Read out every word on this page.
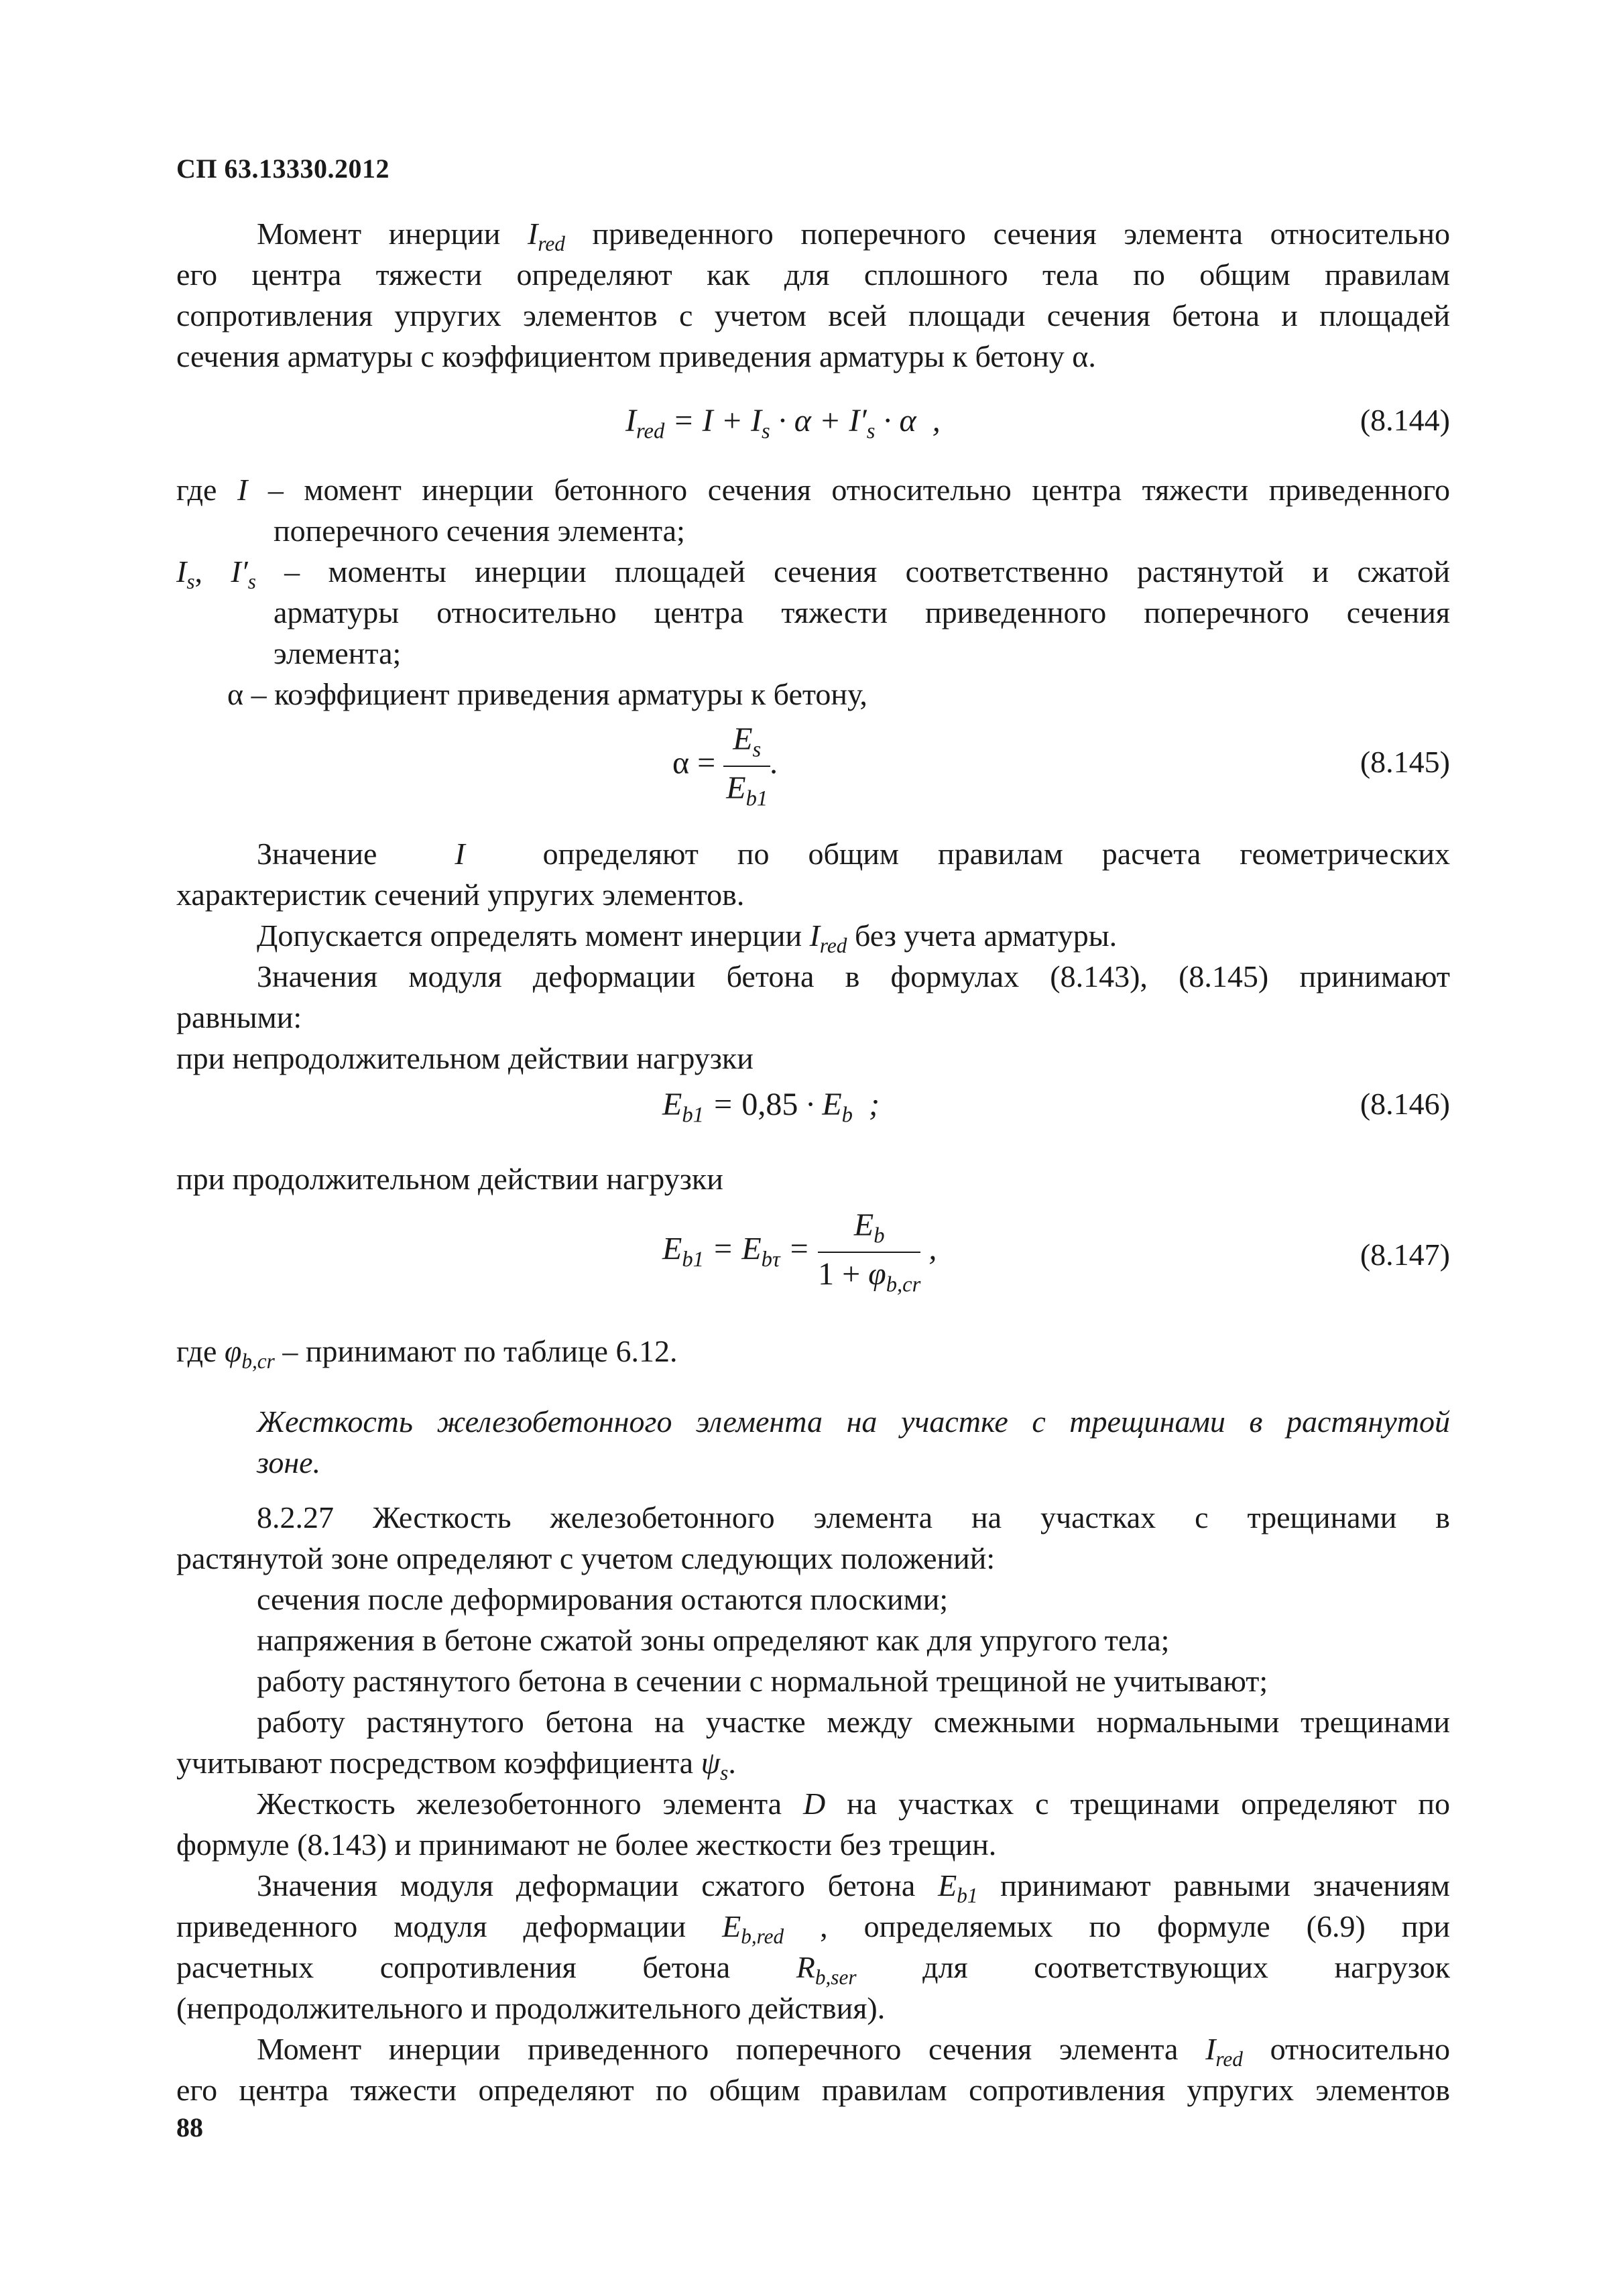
СП 63.13330.2012
Момент инерции $I_{red}$ приведенного поперечного сечения элемента относительно
его центра тяжести определяют как для сплошного тела по общим правилам
сопротивления упругих элементов с учетом всей площади сечения бетона и площадей
сечения арматуры с коэффициентом приведения арматуры к бетону α.
$I_{red} = I + I_s \cdot \alpha + I'_s \cdot \alpha$  ,	(8.144)
где I – момент инерции бетонного сечения относительно центра тяжести приведенного
поперечного сечения элемента;
$I_s$, $I'_s$ – моменты инерции площадей сечения соответственно растянутой и сжатой
арматуры относительно центра тяжести приведенного поперечного сечения
элемента;
α – коэффициент приведения арматуры к бетону,
$\alpha = \frac{E_s}{E_{b1}}$ .	(8.145)
Значение  I  определяют по общим правилам расчета геометрических
характеристик сечений упругих элементов.
Допускается определять момент инерции $I_{red}$ без учета арматуры.
Значения модуля деформации бетона в формулах (8.143), (8.145) принимают
равными:
при непродолжительном действии нагрузки
$E_{b1} = 0,85 \cdot E_b$  ;	(8.146)
при продолжительном действии нагрузки
$E_{b1} = E_{b\tau} = \frac{E_b}{1 + \varphi_{b,cr}}$ ,	(8.147)
где $\varphi_{b,cr}$ – принимают по таблице 6.12.
Жесткость железобетонного элемента на участке с трещинами в растянутой
зоне.
8.2.27 Жесткость железобетонного элемента на участках с трещинами в
растянутой зоне определяют с учетом следующих положений:
сечения после деформирования остаются плоскими;
напряжения в бетоне сжатой зоны определяют как для упругого тела;
работу растянутого бетона в сечении с нормальной трещиной не учитывают;
работу растянутого бетона на участке между смежными нормальными трещинами
учитывают посредством коэффициента $\psi_s$.
Жесткость железобетонного элемента D на участках с трещинами определяют по
формуле (8.143) и принимают не более жесткости без трещин.
Значения модуля деформации сжатого бетона $E_{b1}$ принимают равными значениям
приведенного модуля деформации $E_{b,red}$ , определяемых по формуле (6.9) при
расчетных сопротивления бетона $R_{b,ser}$ для соответствующих нагрузок
(непродолжительного и продолжительного действия).
Момент инерции приведенного поперечного сечения элемента $I_{red}$ относительно
его центра тяжести определяют по общим правилам сопротивления упругих элементов
88
